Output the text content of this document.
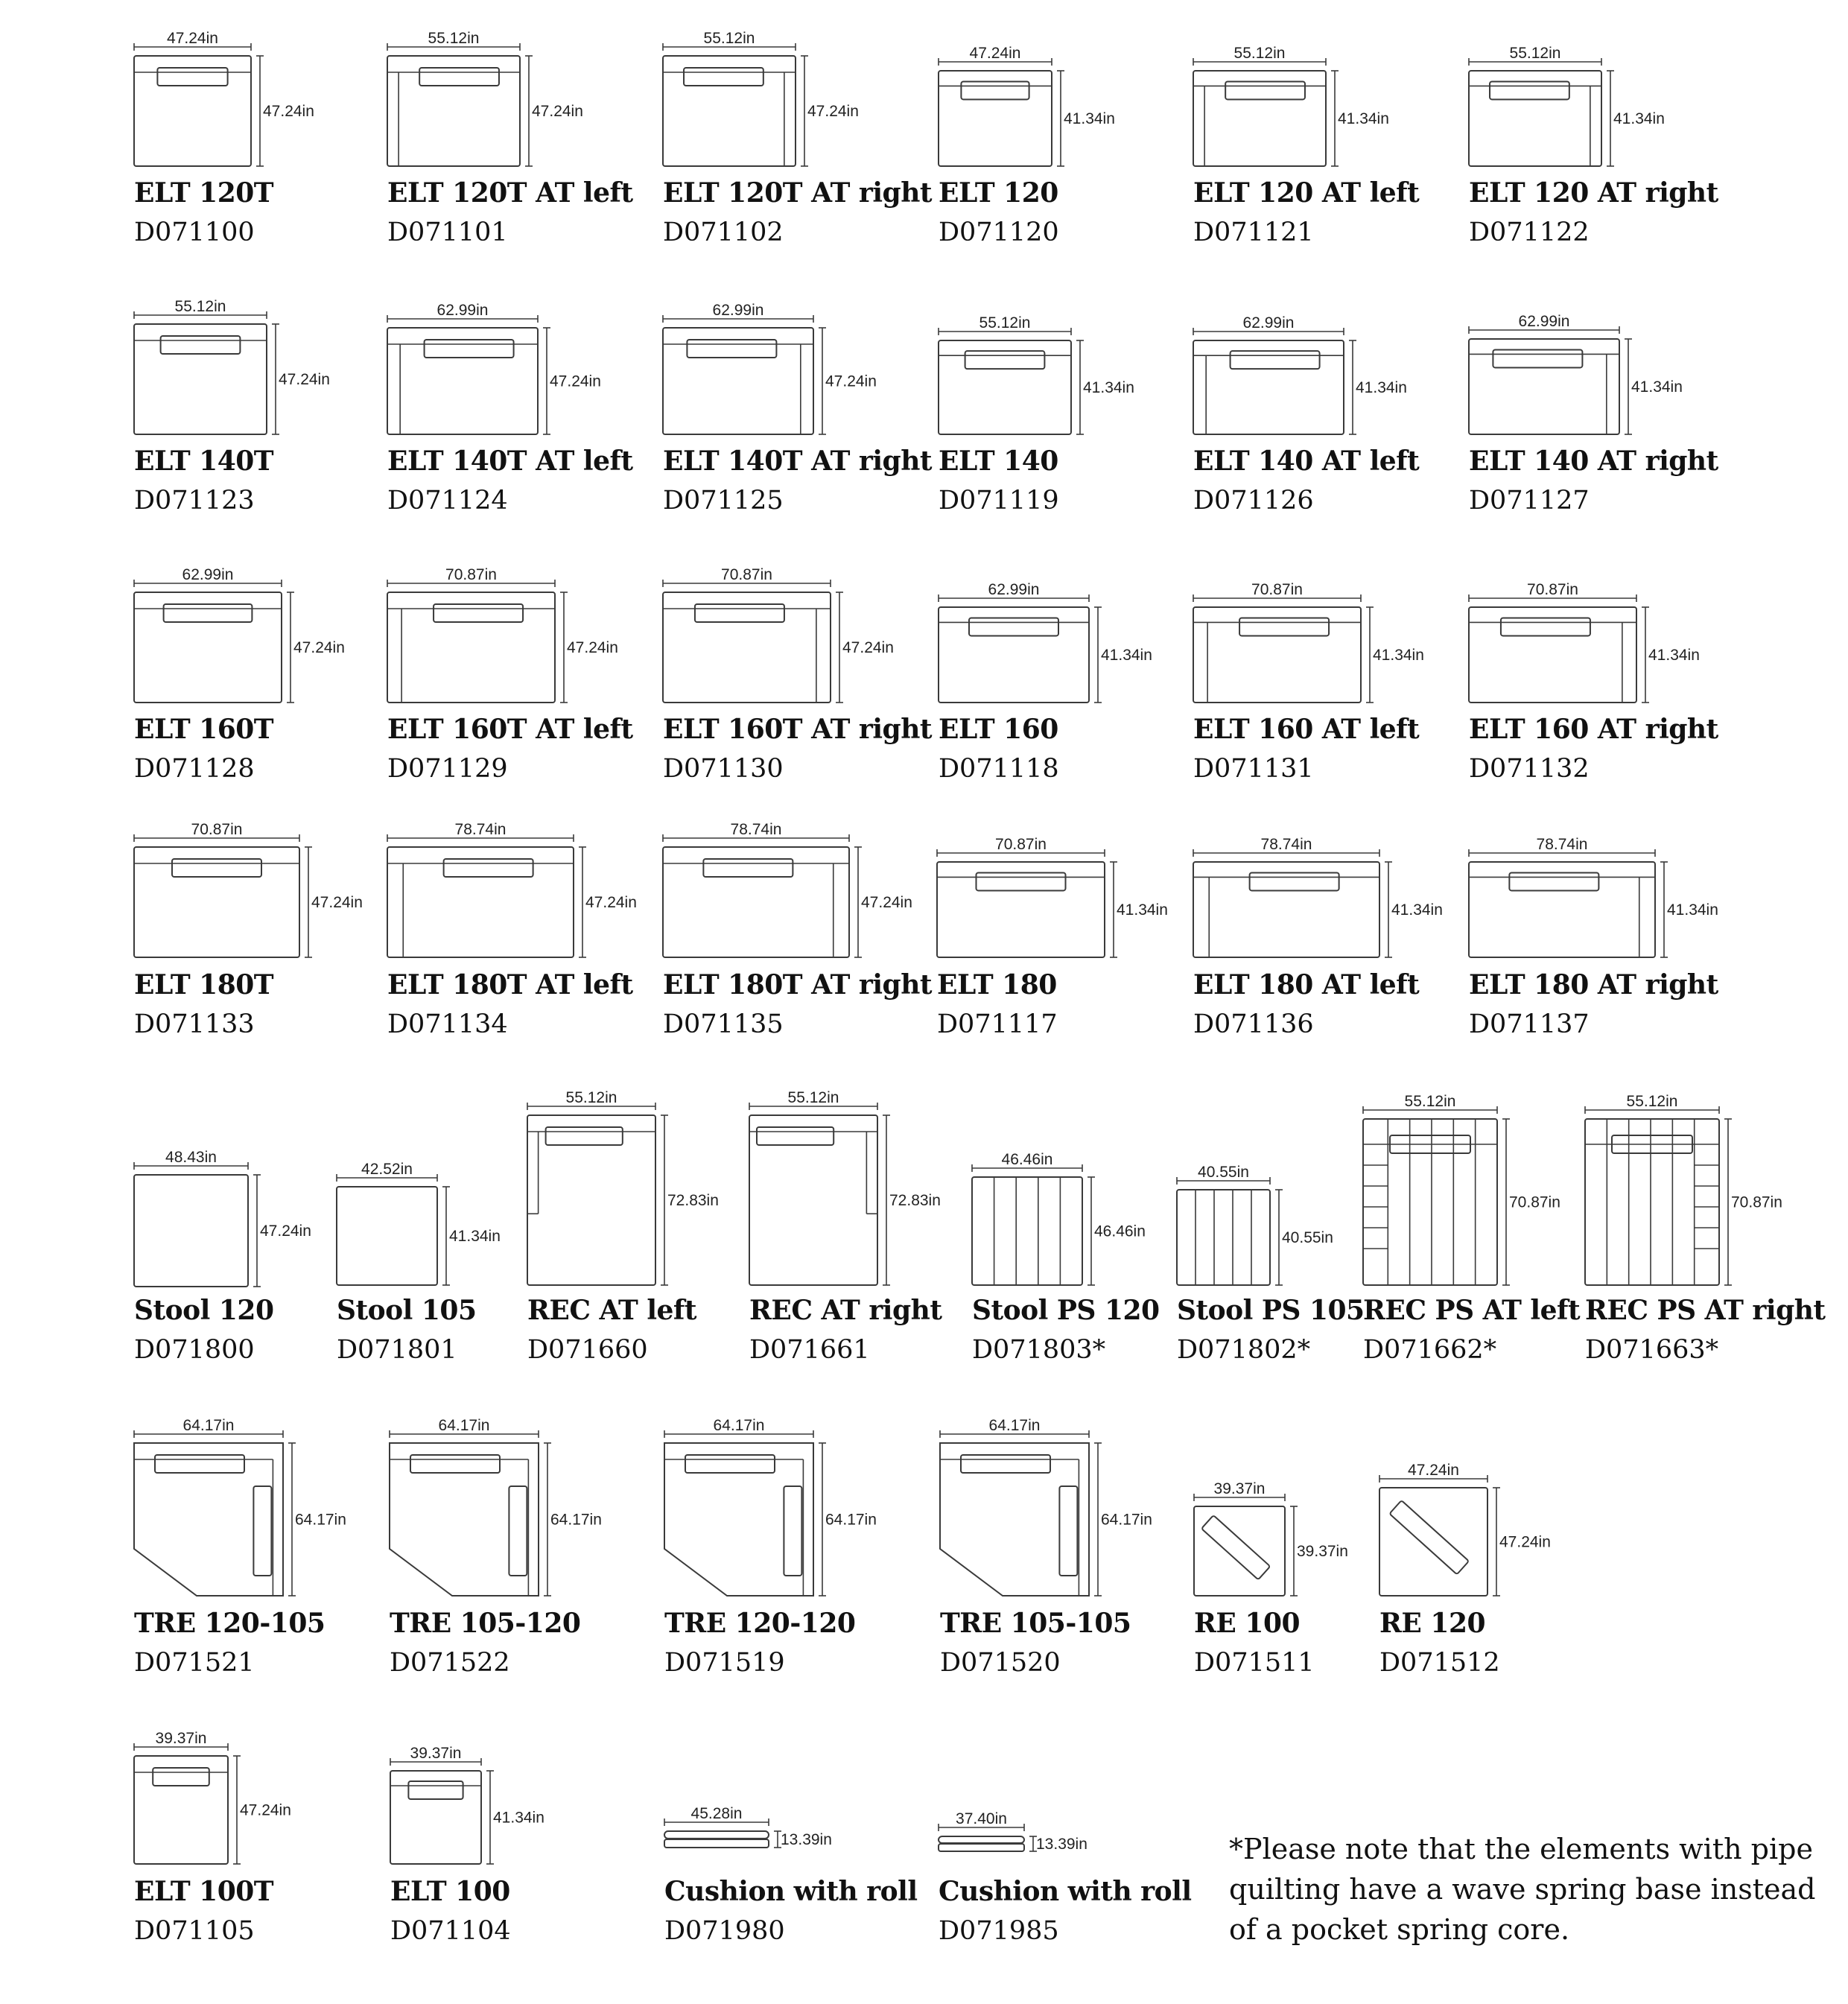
47.24in
47.24in
55.12in
47.24in
55.12in
47.24in
47.24in
41.34in
55.12in
41.34in
55.12in
41.34in
55.12in
47.24in
62.99in
47.24in
62.99in
47.24in
55.12in
41.34in
62.99in
41.34in
62.99in
41.34in
62.99in
47.24in
70.87in
47.24in
70.87in
47.24in
62.99in
41.34in
70.87in
41.34in
70.87in
41.34in
70.87in
47.24in
78.74in
47.24in
78.74in
47.24in
70.87in
41.34in
78.74in
41.34in
78.74in
41.34in
48.43in
47.24in
42.52in
41.34in
55.12in
72.83in
55.12in
72.83in
46.46in
46.46in
40.55in
40.55in
55.12in
70.87in
55.12in
70.87in
64.17in
64.17in
64.17in
64.17in
64.17in
64.17in
64.17in
64.17in
39.37in
39.37in
47.24in
47.24in
39.37in
47.24in
39.37in
41.34in	45.28in
13.39in
37.40in
13.39in
ELT 120T
D071100
ELT 120T AT left
D071101
ELT 120T AT right
D071102
ELT 120
D071120
ELT 120 AT left
D071121
ELT 120 AT right
D071122
ELT 140T
D071123
ELT 140T AT left
D071124
ELT 140T AT right
D071125
ELT 140
D071119
ELT 140 AT left
D071126
ELT 140 AT right
D071127
ELT 160T
D071128
ELT 160T AT left
D071129
ELT 160T AT right
D071130
ELT 160
D071118
ELT 160 AT left
D071131
ELT 160 AT right
D071132
ELT 180T
D071133
ELT 180T AT left
D071134
ELT 180T AT right
D071135
ELT 180
D071117
ELT 180 AT left
D071136
ELT 180 AT right
D071137
Stool 120
D071800
Stool 105
D071801
REC AT left
D071660
REC AT right
D071661
Stool PS 120
D071803*
Stool PS 105
D071802*
REC PS AT left
D071662*
REC PS AT right
D071663*
TRE 120-105
D071521
TRE 105-120
D071522
TRE 120-120
D071519
TRE 105-105
D071520
RE 100
D071511
RE 120
D071512
ELT 100T
D071105
ELT 100
D071104
Cushion with roll
D071980
Cushion with roll
D071985
*Please note that the elements with pipe quilting have a wave spring base instead of a pocket spring core.
